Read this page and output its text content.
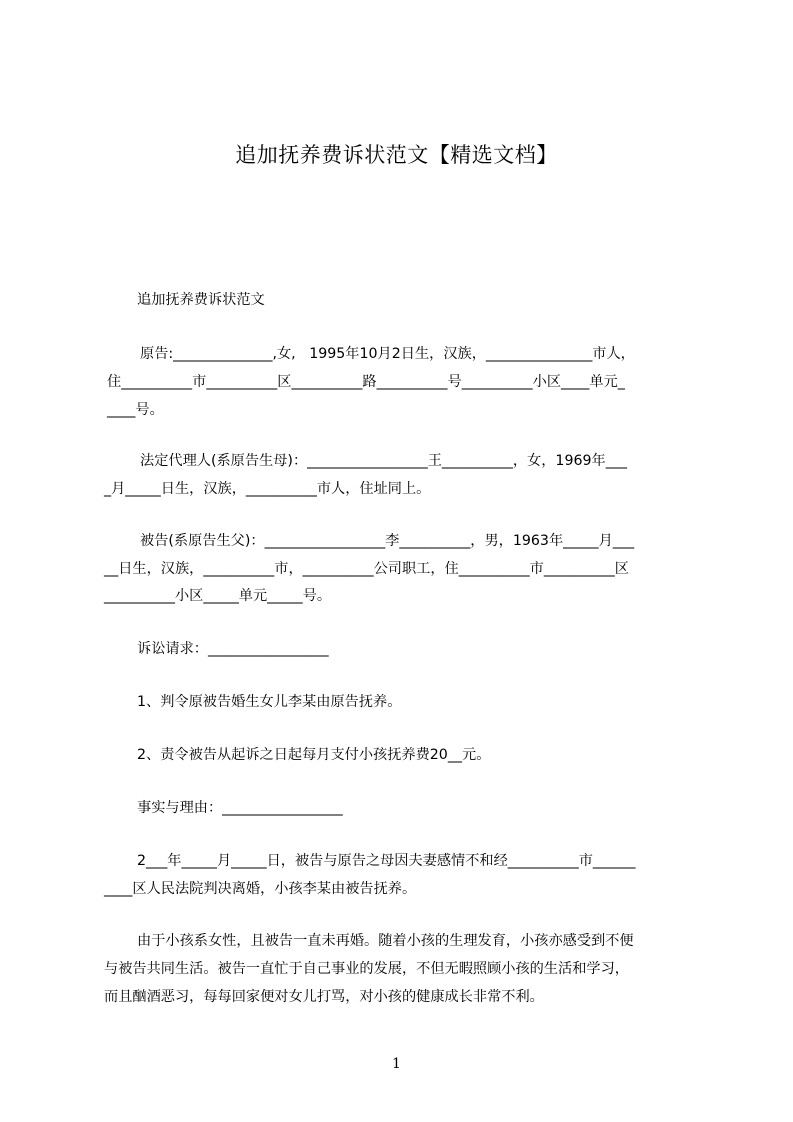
追加抚养费诉状范文【精选文档】
追加抚养费诉状范文
原告:______________,女,   1995年10月2日生，汉族，_______________市人，
住__________市__________区__________路__________号__________小区____单元_
____号。
法定代理人(系原告生母)：_________________王__________，女，1969年___
_月_____日生，汉族，__________市人，住址同上。
被告(系原告生父)：_________________李__________，男，1963年_____月___
__日生，汉族，__________市，__________公司职工，住__________市__________区
__________小区_____单元_____号。
诉讼请求：_________________
1、判令原被告婚生女儿李某由原告抚养。
2、责令被告从起诉之日起每月支付小孩抚养费20__元。
事实与理由：_________________
2___年_____月_____日，被告与原告之母因夫妻感情不和经__________市______
____区人民法院判决离婚，小孩李某由被告抚养。
由于小孩系女性，且被告一直未再婚。随着小孩的生理发育，小孩亦感受到不便
与被告共同生活。被告一直忙于自己事业的发展，不但无暇照顾小孩的生活和学习，
而且酗酒恶习，每每回家便对女儿打骂，对小孩的健康成长非常不利。
1
